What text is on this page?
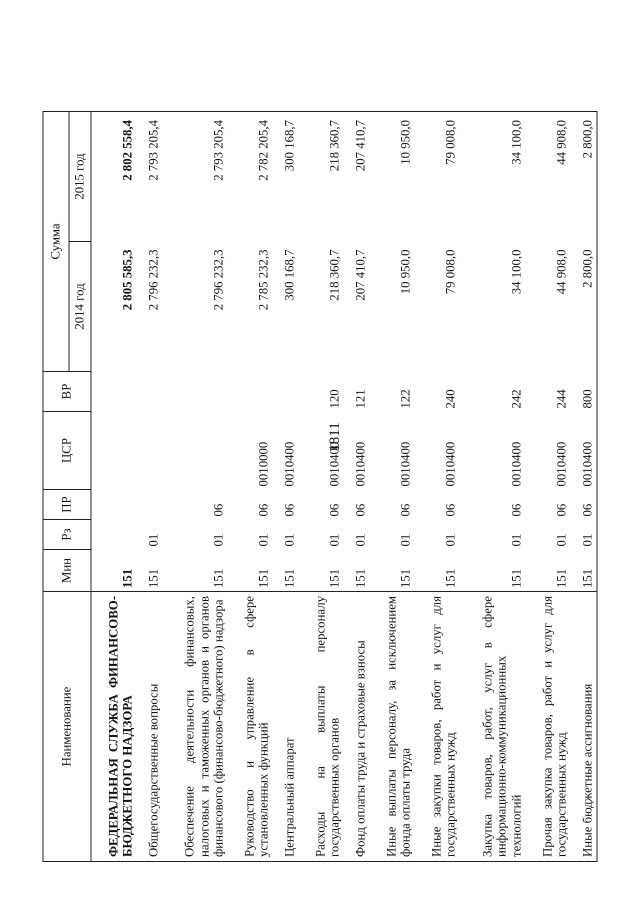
1811
Наименование	Мин	Рз	ПР	ЦСР	ВР	Сумма	
						2014 год	2015 год
ФЕДЕРАЛЬНАЯ СЛУЖБА ФИНАНСОВО-БЮДЖЕТНОГО НАДЗОРА	151					2 805 585,3	2 802 558,4
Общегосударственные вопросы	151	01				2 796 232,3	2 793 205,4
Обеспечение деятельности финансовых, налоговых и таможенных органов и органов финансового (финансово-бюджетного) надзора	151	01	06			2 796 232,3	2 793 205,4
Руководство и управление в сфере установленных функций	151	01	06	0010000		2 785 232,3	2 782 205,4
Центральный аппарат	151	01	06	0010400		300 168,7	300 168,7
Расходы на выплаты персоналу государственных органов	151	01	06	0010400	120	218 360,7	218 360,7
Фонд оплаты труда и страховые взносы	151	01	06	0010400	121	207 410,7	207 410,7
Иные выплаты персоналу, за исключением фонда оплаты труда	151	01	06	0010400	122	10 950,0	10 950,0
Иные закупки товаров, работ и услуг для государственных нужд	151	01	06	0010400	240	79 008,0	79 008,0
Закупка товаров, работ, услуг в сфере информационно-коммуникационных технологий	151	01	06	0010400	242	34 100,0	34 100,0
Прочая закупка товаров, работ и услуг для государственных нужд	151	01	06	0010400	244	44 908,0	44 908,0
Иные бюджетные ассигнования	151	01	06	0010400	800	2 800,0	2 800,0
